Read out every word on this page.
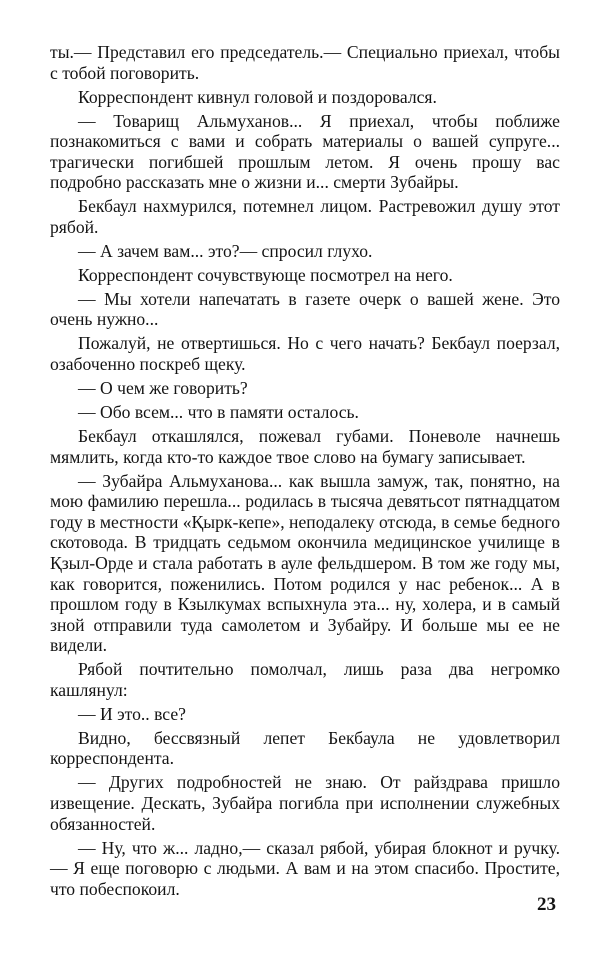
ты.— Представил его председатель.— Специально приехал, чтобы с тобой поговорить.

Корреспондент кивнул головой и поздоровался.

— Товарищ Альмуханов... Я приехал, чтобы поближе познакомиться с вами и собрать материалы о вашей супруге... трагически погибшей прошлым летом. Я очень прошу вас подробно рассказать мне о жизни и... смерти Зубайры.

Бекбаул нахмурился, потемнел лицом. Растревожил душу этот рябой.

— А зачем вам... это?— спросил глухо.

Корреспондент сочувствующе посмотрел на него.

— Мы хотели напечатать в газете очерк о вашей жене. Это очень нужно...

Пожалуй, не отвертишься. Но с чего начать? Бекбаул поерзал, озабоченно поскреб щеку.

— О чем же говорить?

— Обо всем... что в памяти осталось.

Бекбаул откашлялся, пожевал губами. Поневоле начнешь мямлить, когда кто-то каждое твое слово на бумагу записывает.

— Зубайра Альмуханова... как вышла замуж, так, понятно, на мою фамилию перешла... родилась в тысяча девятьсот пятнадцатом году в местности «Қырк-кепе», неподалеку отсюда, в семье бедного скотовода. В тридцать седьмом окончила медицинское училище в Қзыл-Орде и стала работать в ауле фельдшером. В том же году мы, как говорится, поженились. Потом родился у нас ребенок... А в прошлом году в Кзылкумах вспыхнула эта... ну, холера, и в самый зной отправили туда самолетом и Зубайру. И больше мы ее не видели.

Рябой почтительно помолчал, лишь раза два негромко кашлянул:

— И это.. все?

Видно, бессвязный лепет Бекбаула не удовлетворил корреспондента.

— Других подробностей не знаю. От райздрава пришло извещение. Дескать, Зубайра погибла при исполнении служебных обязанностей.

— Ну, что ж... ладно,— сказал рябой, убирая блокнот и ручку.— Я еще поговорю с людьми. А вам и на этом спасибо. Простите, что побеспокоил.

23
